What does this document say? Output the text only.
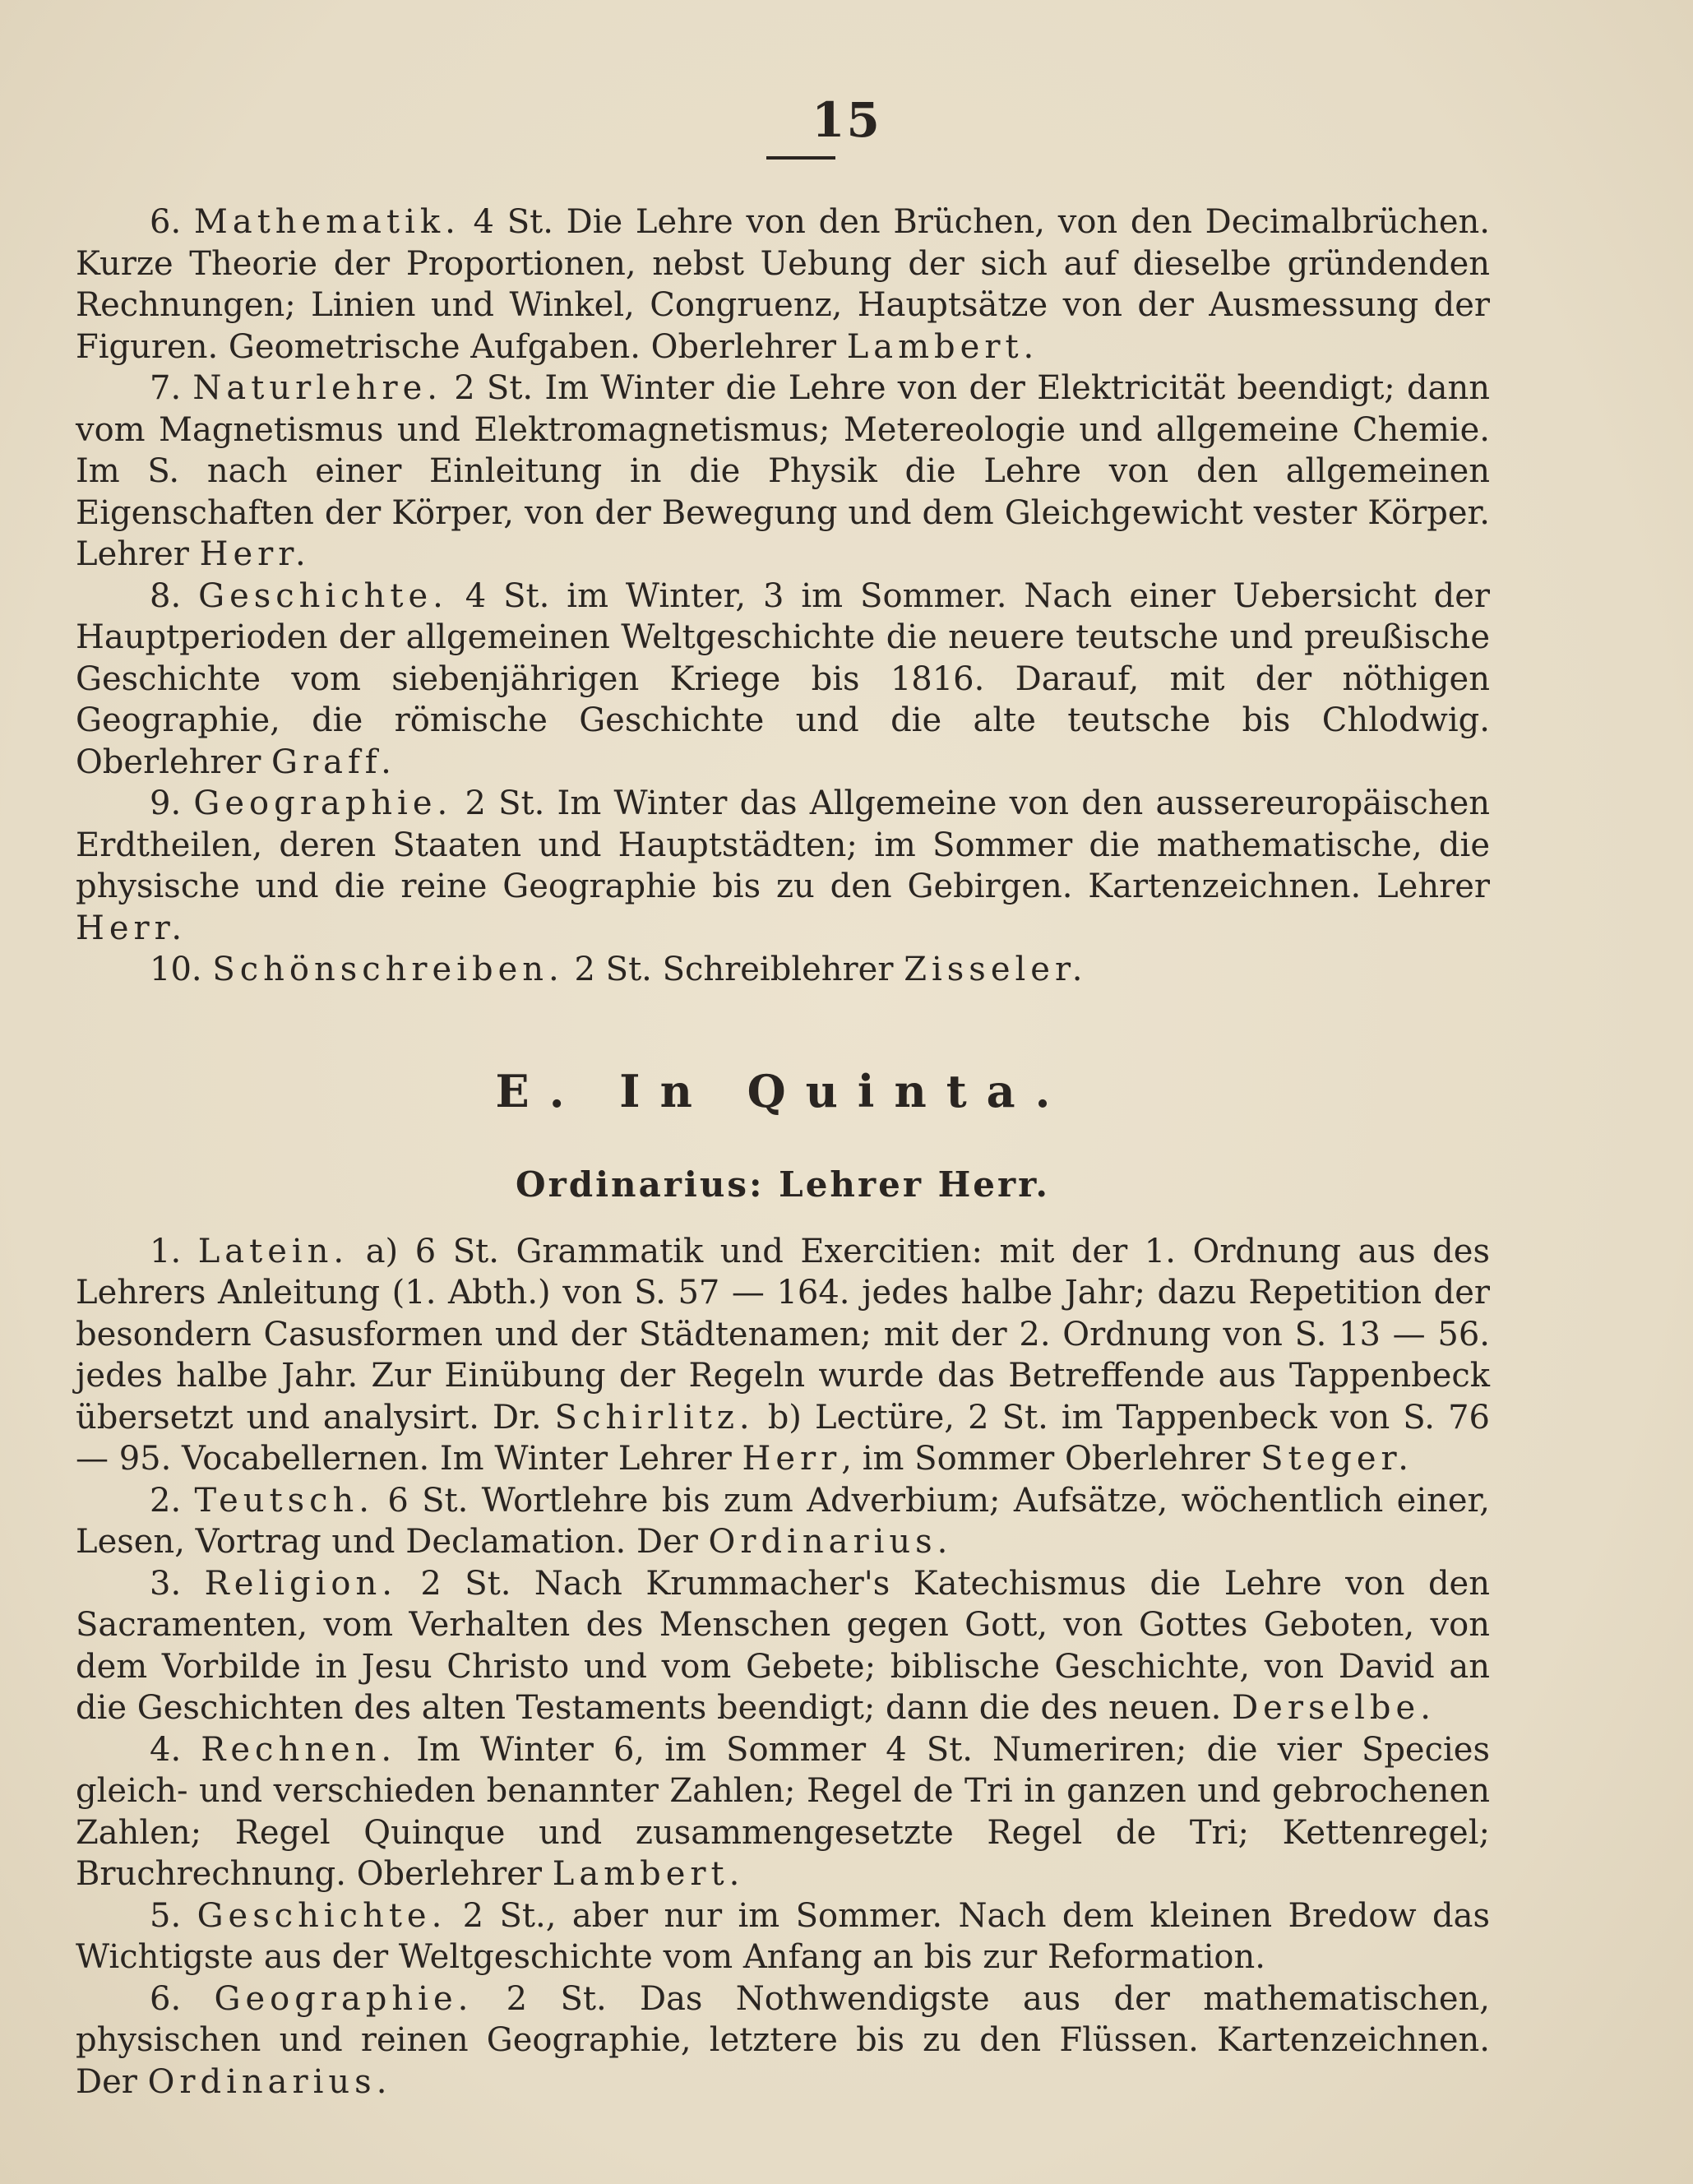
15

6. Mathematik. 4 St. Die Lehre von den Brüchen, von den Decimalbrüchen. Kurze Theorie der Proportionen, nebst Uebung der sich auf dieselbe gründenden Rechnungen; Linien und Winkel, Congruenz, Hauptsätze von der Ausmessung der Figuren. Geometrische Aufgaben. Oberlehrer Lambert.

7. Naturlehre. 2 St. Im Winter die Lehre von der Elektricität beendigt; dann vom Magnetismus und Elektromagnetismus; Metereologie und allgemeine Chemie. Im S. nach einer Einleitung in die Physik die Lehre von den allgemeinen Eigenschaften der Körper, von der Bewegung und dem Gleichgewicht vester Körper. Lehrer Herr.

8. Geschichte. 4 St. im Winter, 3 im Sommer. Nach einer Uebersicht der Hauptperioden der allgemeinen Weltgeschichte die neuere teutsche und preußische Geschichte vom siebenjährigen Kriege bis 1816. Darauf, mit der nöthigen Geographie, die römische Geschichte und die alte teutsche bis Chlodwig. Oberlehrer Graff.

9. Geographie. 2 St. Im Winter das Allgemeine von den aussereuropäischen Erdtheilen, deren Staaten und Hauptstädten; im Sommer die mathematische, die physische und die reine Geographie bis zu den Gebirgen. Kartenzeichnen. Lehrer Herr.

10. Schönschreiben. 2 St. Schreiblehrer Zisseler.

E. In Quinta.
Ordinarius: Lehrer Herr.

1. Latein. a) 6 St. Grammatik und Exercitien: mit der 1. Ordnung aus des Lehrers Anleitung (1. Abth.) von S. 57 — 164. jedes halbe Jahr; dazu Repetition der besondern Casusformen und der Städtenamen; mit der 2. Ordnung von S. 13 — 56. jedes halbe Jahr. Zur Einübung der Regeln wurde das Betreffende aus Tappenbeck übersetzt und analysirt. Dr. Schirlitz. b) Lectüre, 2 St. im Tappenbeck von S. 76 — 95. Vocabellernen. Im Winter Lehrer Herr, im Sommer Oberlehrer Steger.

2. Teutsch. 6 St. Wortlehre bis zum Adverbium; Aufsätze, wöchentlich einer, Lesen, Vortrag und Declamation. Der Ordinarius.

3. Religion. 2 St. Nach Krummacher's Katechismus die Lehre von den Sacramenten, vom Verhalten des Menschen gegen Gott, von Gottes Geboten, von dem Vorbilde in Jesu Christo und vom Gebete; biblische Geschichte, von David an die Geschichten des alten Testaments beendigt; dann die des neuen. Derselbe.

4. Rechnen. Im Winter 6, im Sommer 4 St. Numeriren; die vier Species gleich- und verschieden benannter Zahlen; Regel de Tri in ganzen und gebrochenen Zahlen; Regel Quinque und zusammengesetzte Regel de Tri; Kettenregel; Bruchrechnung. Oberlehrer Lambert.

5. Geschichte. 2 St., aber nur im Sommer. Nach dem kleinen Bredow das Wichtigste aus der Weltgeschichte vom Anfang an bis zur Reformation.

6. Geographie. 2 St. Das Nothwendigste aus der mathematischen, physischen und reinen Geographie, letztere bis zu den Flüssen. Kartenzeichnen. Der Ordinarius.
